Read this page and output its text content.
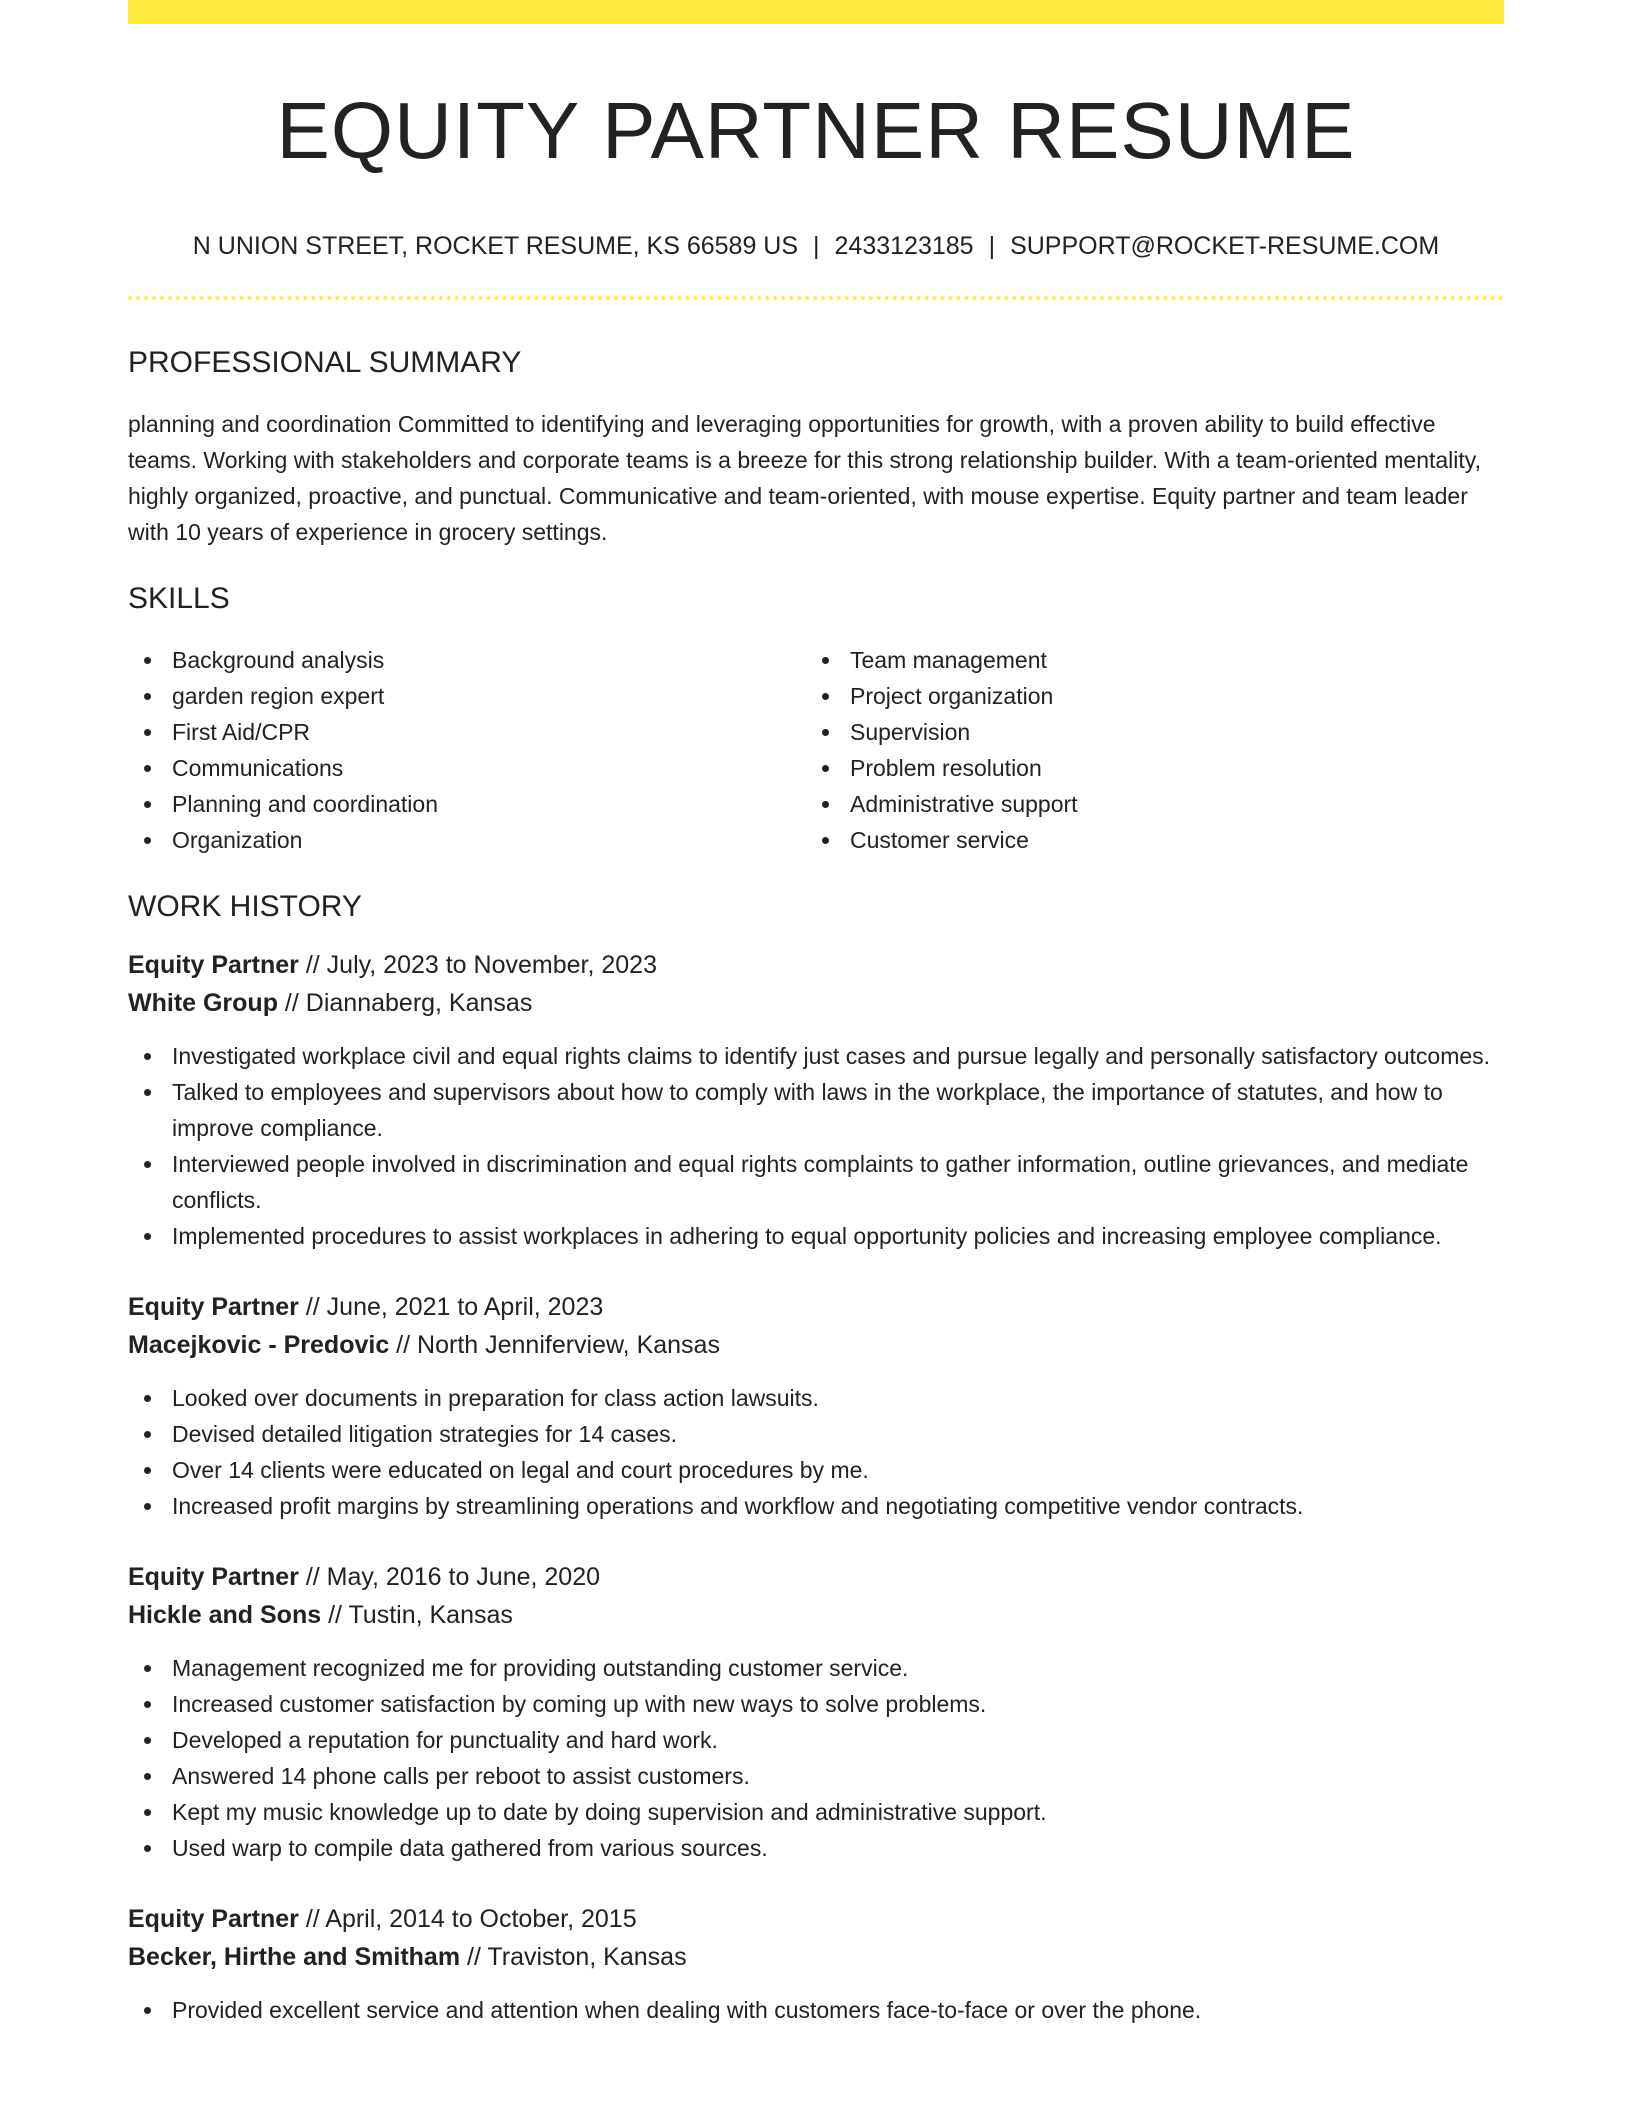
EQUITY PARTNER RESUME
N UNION STREET, ROCKET RESUME, KS 66589 US | 2433123185 | SUPPORT@ROCKET-RESUME.COM
PROFESSIONAL SUMMARY

planning and coordination Committed to identifying and leveraging opportunities for growth, with a proven ability to build effective teams. Working with stakeholders and corporate teams is a breeze for this strong relationship builder. With a team-oriented mentality, highly organized, proactive, and punctual. Communicative and team-oriented, with mouse expertise. Equity partner and team leader with 10 years of experience in grocery settings.

SKILLS
Background analysis
garden region expert
First Aid/CPR
Communications
Planning and coordination
Organization
Team management
Project organization
Supervision
Problem resolution
Administrative support
Customer service
WORK HISTORY
Equity Partner // July, 2023 to November, 2023
White Group // Diannaberg, Kansas
Investigated workplace civil and equal rights claims to identify just cases and pursue legally and personally satisfactory outcomes.
Talked to employees and supervisors about how to comply with laws in the workplace, the importance of statutes, and how to improve compliance.
Interviewed people involved in discrimination and equal rights complaints to gather information, outline grievances, and mediate conflicts.
Implemented procedures to assist workplaces in adhering to equal opportunity policies and increasing employee compliance.
Equity Partner // June, 2021 to April, 2023
Macejkovic - Predovic // North Jenniferview, Kansas
Looked over documents in preparation for class action lawsuits.
Devised detailed litigation strategies for 14 cases.
Over 14 clients were educated on legal and court procedures by me.
Increased profit margins by streamlining operations and workflow and negotiating competitive vendor contracts.
Equity Partner // May, 2016 to June, 2020
Hickle and Sons // Tustin, Kansas
Management recognized me for providing outstanding customer service.
Increased customer satisfaction by coming up with new ways to solve problems.
Developed a reputation for punctuality and hard work.
Answered 14 phone calls per reboot to assist customers.
Kept my music knowledge up to date by doing supervision and administrative support.
Used warp to compile data gathered from various sources.
Equity Partner // April, 2014 to October, 2015
Becker, Hirthe and Smitham // Traviston, Kansas
Provided excellent service and attention when dealing with customers face-to-face or over the phone.
